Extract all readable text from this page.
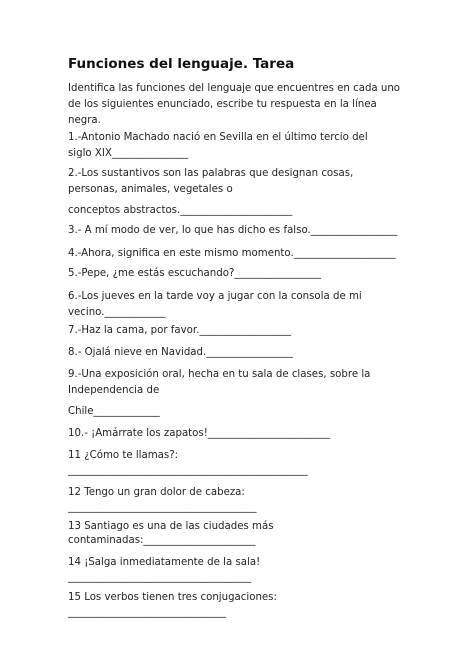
Funciones del lenguaje. Tarea
Identifica las funciones del lenguaje que encuentres en cada uno
de los siguientes enunciado, escribe tu respuesta en la línea
negra.
1.-Antonio Machado nació en Sevilla en el último tercio del
siglo XIX_______________
2.-Los sustantivos son las palabras que designan cosas,
personas, animales, vegetales o
conceptos abstractos.______________________
3.- A mí modo de ver, lo que has dicho es falso._________________
4.-Ahora, significa en este mismo momento.____________________
5.-Pepe, ¿me estás escuchando?_________________
6.-Los jueves en la tarde voy a jugar con la consola de mi
vecino.____________
7.-Haz la cama, por favor.__________________
8.- Ojalá nieve en Navidad._________________
9.-Una exposición oral, hecha en tu sala de clases, sobre la
Independencia de
Chile_____________
10.- ¡Amárrate los zapatos!________________________
11 ¿Cómo te llamas?:
_______________________________________________
12 Tengo un gran dolor de cabeza:
_____________________________________
13 Santiago es una de las ciudades más
contaminadas:______________________
14 ¡Salga inmediatamente de la sala!
____________________________________
15 Los verbos tienen tres conjugaciones:
_______________________________
